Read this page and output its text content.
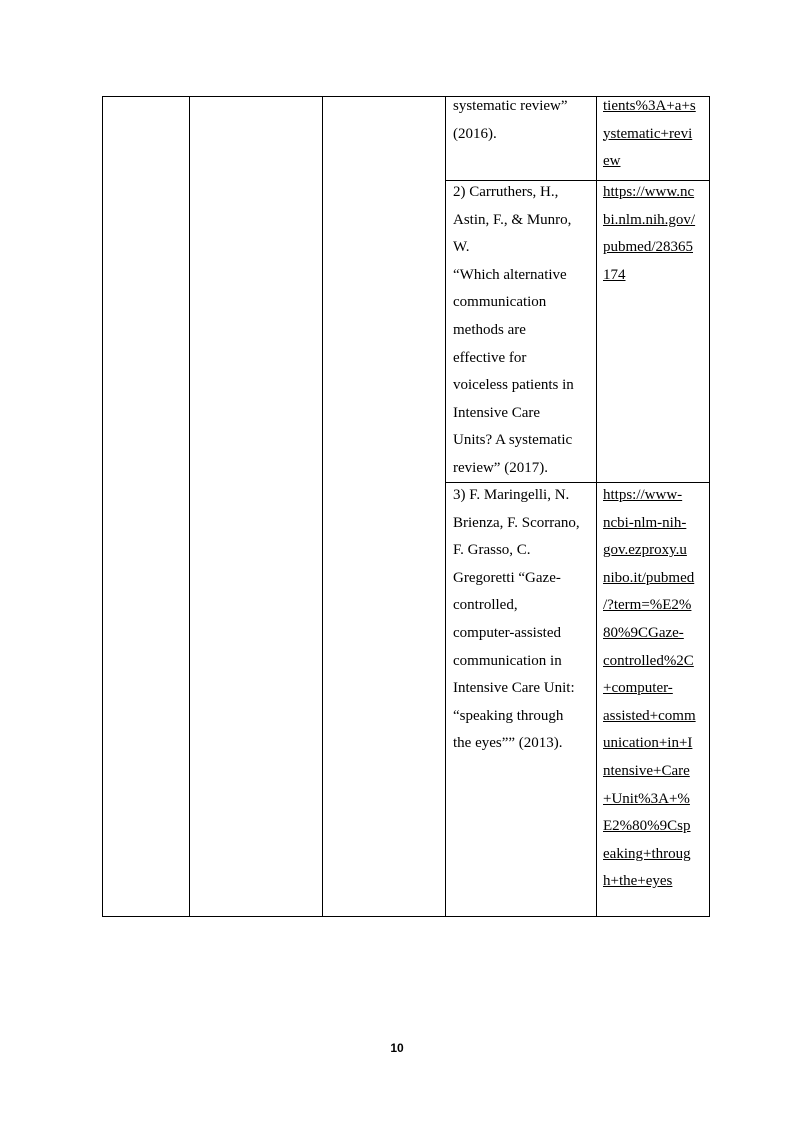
systematic review”
(2016).
tients%3A+a+s
ystematic+revi
ew
2) Carruthers, H.,
Astin, F., & Munro,
W.
“Which alternative
communication
methods are
effective for
voiceless patients in
Intensive Care
Units? A systematic
review” (2017).
https://www.nc
bi.nlm.nih.gov/
pubmed/28365
174
3) F. Maringelli, N.
Brienza, F. Scorrano,
F. Grasso, C.
Gregoretti “Gaze-
controlled,
computer-assisted
communication in
Intensive Care Unit:
“speaking through
the eyes”” (2013).
https://www-
ncbi-nlm-nih-
gov.ezproxy.u
nibo.it/pubmed
/?term=%E2%
80%9CGaze-
controlled%2C
+computer-
assisted+comm
unication+in+I
ntensive+Care
+Unit%3A+%
E2%80%9Csp
eaking+throug
h+the+eyes
10
